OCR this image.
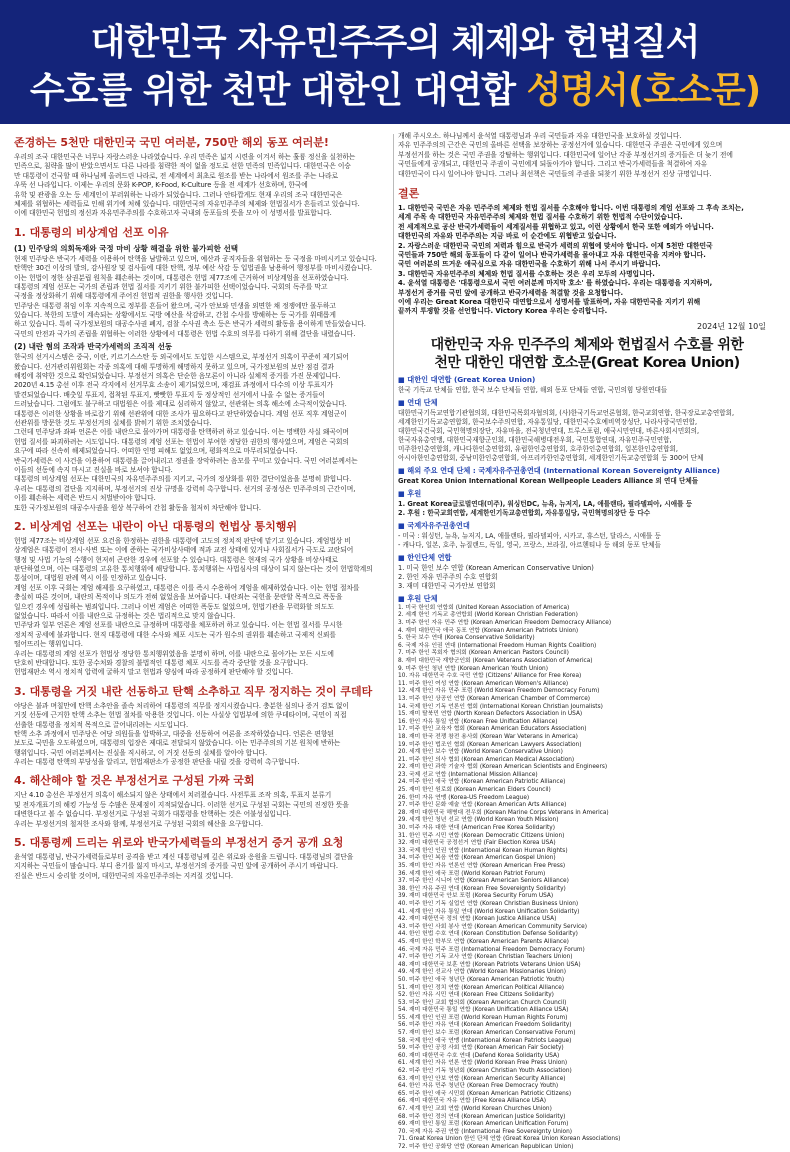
대한민국 자유민주주의 체제와 헌법질서
수호를 위한 천만 대한인 대연합 성명서(호소문)
존경하는 5천만 대한민국 국민 여러분, 750만 해외 동포 여러분!
우리의 조국 대한민국은 너무나 자랑스러운 나라였습니다. 우리 민족은 넓지 시련을 이겨서 하는 훌륭 정신을 실천하는
민족으로, 침략을 많이 받았으면서도 다른 나라를 침략한 적이 없을 정도로 선한 민족의 민족입니다. 대한민국은 이승
만 대통령이 건국할 때 하나님께 올려드린 나라로, 전 세계에서 최초로 원조를 받는 나라에서 원조를 주는 나라로
우뚝 선 나라입니다. 이제는 우리의 문화 K-POP, K-Food, K-Culture 등을 전 세계가 선호하며, 한국에
유학 및 관광을 오는 등 세계인이 부러워하는 나라가 되었습니다. 그러나 안타깝게도 현재 우리의 조국 대한민국은
체제를 위협하는 세력들로 인해 위기에 처해 있습니다. 대한민국의 자유민주주의 체제와 헌법질서가 흔들리고 있습니다.
이에 대한민국 헌법의 정신과 자유민주주의를 수호하고자 국내외 동포들의 뜻을 모아 이 성명서를 발표합니다.
1. 대통령의 비상계엄 선포 이유
(1) 민주당의 의회독재와 국정 마비 상황 해결을 위한 불가피한 선택
현재 민주당은 반국가 세력을 이용하여 탄핵을 남발하고 있으며, 예산과 공직자들을 위협하는 등 국정을 마비시키고 있습니다.
탄핵안 30건 이상의 발의, 감사원장 및 검사들에 대한 탄핵, 정부 예산 삭감 등 입법권을 남용하여 행정부를 마비시켰습니다.
이는 헌법이 정한 삼권분립 원칙을 훼손하는 것이며, 대통령은 헌법 제77조에 근거하여 비상계엄을 선포하였습니다.
대통령의 계엄 선포는 국가의 존립과 헌법 질서를 지키기 위한 불가피한 선택이었습니다. 국회의 독주를 막고
국정을 정상화하기 위해 대통령에게 주어진 헌법적 권한을 행사한 것입니다.
민주당은 대통령 취임 이후 지속적으로 정부를 흔들어 왔으며, 국가 안보와 민생을 외면한 채 정쟁에만 몰두하고
있습니다. 북한의 도발이 계속되는 상황에서도 국방 예산을 삭감하고, 간첩 수사를 방해하는 등 국가를 위태롭게
하고 있습니다. 특히 국가정보원의 대공수사권 폐지, 검찰 수사권 축소 등은 반국가 세력의 활동을 용이하게 만들었습니다.
국민의 안전과 국가의 존립을 위협하는 이러한 상황에서 대통령은 헌법 수호의 의무를 다하기 위해 결단을 내렸습니다.
(2) 내란 혐의 조작과 반국가세력의 조직적 선동
한국의 선거시스템은 중국, 이란, 키르기스스탄 등 외국에서도 도입한 시스템으로, 부정선거 의혹이 꾸준히 제기되어
왔습니다. 선거관리위원회는 각종 의혹에 대해 투명하게 해명하지 못하고 있으며, 국가정보원의 보안 점검 결과
해킹에 취약한 것으로 확인되었습니다. 부정선거 의혹은 단순한 음모론이 아니라 실체적 증거를 가진 문제입니다.
2020년 4.15 총선 이후 전국 각지에서 선거무효 소송이 제기되었으며, 재검표 과정에서 다수의 이상 투표지가
발견되었습니다. 배춧잎 투표지, 접착된 투표지, 빳빳한 투표지 등 정상적인 선거에서 나올 수 없는 증거들이
드러났습니다. 그럼에도 불구하고 대법원은 이를 제대로 심리하지 않았고, 선관위는 의혹 해소에 소극적이었습니다.
대통령은 이러한 상황을 바로잡기 위해 선관위에 대한 조사가 필요하다고 판단하였습니다. 계엄 선포 직후 계엄군이
선관위를 방문한 것도 부정선거의 실체를 밝히기 위한 조치였습니다.
그런데 민주당과 좌파 언론은 이를 내란으로 몰아가며 대통령을 탄핵하려 하고 있습니다. 이는 명백한 사실 왜곡이며
헌법 질서를 파괴하려는 시도입니다. 대통령의 계엄 선포는 헌법이 부여한 정당한 권한의 행사였으며, 계엄은 국회의
요구에 따라 신속히 해제되었습니다. 어떠한 인명 피해도 없었으며, 평화적으로 마무리되었습니다.
반국가세력은 이 사건을 이용하여 대통령을 끌어내리고 정권을 장악하려는 음모를 꾸미고 있습니다. 국민 여러분께서는
이들의 선동에 속지 마시고 진실을 바로 보셔야 합니다.
대통령의 비상계엄 선포는 대한민국의 자유민주주의를 지키고, 국가의 정상화를 위한 결단이었음을 분명히 밝힙니다.
우리는 대통령의 결단을 지지하며, 부정선거의 진상 규명을 강력히 촉구합니다. 선거의 공정성은 민주주의의 근간이며,
이를 훼손하는 세력은 반드시 처벌받아야 합니다.
또한 국가정보원의 대공수사권을 원상 복구하여 간첩 활동을 철저히 차단해야 합니다.
2. 비상계엄 선포는 내란이 아닌 대통령의 헌법상 통치행위
헌법 제77조는 비상계엄 선포 요건을 한정하는 권한을 대통령에 고도의 정치적 판단에 맡기고 있습니다. 계엄법상 비
상계엄은 대통령이 전시·사변 또는 이에 준하는 국가비상사태에 적과 교전 상태에 있거나 사회질서가 극도로 교란되어
행정 및 사법 기능의 수행이 현저히 곤란한 경우에 선포할 수 있습니다. 대통령은 현재의 국가 상황을 비상사태로
판단하였으며, 이는 대통령의 고유한 통치행위에 해당합니다. 통치행위는 사법심사의 대상이 되지 않는다는 것이 헌법학계의
통설이며, 대법원 판례 역시 이를 인정하고 있습니다.
계엄 선포 이후 국회는 계엄 해제를 요구하였고, 대통령은 이를 즉시 수용하여 계엄을 해제하였습니다. 이는 헌법 절차를
충실히 따른 것이며, 내란의 목적이나 의도가 전혀 없었음을 보여줍니다. 내란죄는 국헌을 문란할 목적으로 폭동을
일으킨 경우에 성립하는 범죄입니다. 그러나 이번 계엄은 어떠한 폭동도 없었으며, 헌법기관을 무력화할 의도도
없었습니다. 따라서 이를 내란으로 규정하는 것은 법리적으로 맞지 않습니다.
민주당과 일부 언론은 계엄 선포를 내란으로 규정하며 대통령을 체포하려 하고 있습니다. 이는 헌법 질서를 무시한
정치적 공세에 불과합니다. 현직 대통령에 대한 수사와 체포 시도는 국가 원수의 권위를 훼손하고 국제적 신뢰를
떨어뜨리는 행위입니다.
우리는 대통령의 계엄 선포가 헌법상 정당한 통치행위였음을 분명히 하며, 이를 내란으로 몰아가는 모든 시도에
단호히 반대합니다. 또한 공수처와 경찰의 불법적인 대통령 체포 시도를 즉각 중단할 것을 요구합니다.
헌법재판소 역시 정치적 압력에 굴하지 말고 헌법과 양심에 따라 공정하게 판단해야 할 것입니다.
3. 대통령을 거짓 내란 선동하고 탄핵 소추하고 직무 정지하는 것이 쿠데타
야당은 불과 며칠만에 탄핵 소추안을 졸속 처리하여 대통령의 직무를 정지시켰습니다. 충분한 심의나 증거 검토 없이
거짓 선동에 근거한 탄핵 소추는 헌법 절차를 악용한 것입니다. 이는 사실상 입법부에 의한 쿠데타이며, 국민이 직접
선출한 대통령을 정치적 목적으로 끌어내리려는 시도입니다.
탄핵 소추 과정에서 민주당은 여당 의원들을 압박하고, 대중을 선동하여 여론을 조작하였습니다. 언론은 편향된
보도로 국민을 오도하였으며, 대통령의 입장은 제대로 전달되지 않았습니다. 이는 민주주의의 기본 원칙에 반하는
행위입니다. 국민 여러분께서는 진실을 직시하고, 이 거짓 선동의 실체를 알아야 합니다.
우리는 대통령 탄핵의 부당성을 알리고, 헌법재판소가 공정한 판단을 내릴 것을 강력히 촉구합니다.
4. 해산해야 할 것은 부정선거로 구성된 가짜 국회
지난 4.10 총선은 부정선거 의혹이 해소되지 않은 상태에서 치러졌습니다. 사전투표 조작 의혹, 투표지 분류기
및 전자개표기의 해킹 가능성 등 수많은 문제점이 지적되었습니다. 이러한 선거로 구성된 국회는 국민의 진정한 뜻을
대변한다고 볼 수 없습니다. 부정선거로 구성된 국회가 대통령을 탄핵하는 것은 어불성설입니다.
우리는 부정선거의 철저한 조사와 함께, 부정선거로 구성된 국회의 해산을 요구합니다.
5. 대통령께 드리는 위로와 반국가세력들의 부정선거 증거 공개 요청
윤석열 대통령님, 반국가세력들로부터 공격을 받고 계신 대통령님께 깊은 위로와 응원을 드립니다. 대통령님의 결단을
지지하는 국민들이 많습니다. 부디 용기를 잃지 마시고, 부정선거의 증거를 국민 앞에 공개하여 주시기 바랍니다.
진실은 반드시 승리할 것이며, 대한민국의 자유민주주의는 지켜질 것입니다.
개해 주시오소. 하나님께서 윤석열 대통령님과 우리 국민들과 자유 대한민국을 보호하실 것입니다.
자유 민주주의의 근간은 국민의 올바른 선택을 보장하는 공정선거에 있습니다. 대한민국 주권은 국민에게 있으며
부정선거를 하는 것은 국민 주권을 강탈하는 행위입니다. 대한민국에 일어난 각종 부정선거의 증거들은 더 늦기 전에
국민들에게 공개되고, 대한민국 주권이 국민에게 되돌아가야 합니다. 그리고 반국가세력들을 척결하여 자유
대한민국이 다시 일어나야 합니다. 그러나 최선책은 국민들의 주권을 되찾기 위한 부정선거 진상 규명입니다.
결론
1. 대한민국 국민은 자유 민주주의 체제와 헌법 질서를 수호해야 합니다. 이번 대통령의 계엄 선포와 그 후속 조치는,
세계 주목 속 대한민국 자유민주주의 체제와 헌법 질서를 수호하기 위한 헌법적 수단이었습니다.
전 세계적으로 공산 반국가세력들이 세계질서를 위협하고 있고, 이런 상황에서 한국 또한 예외가 아닙니다.
대한민국의 자유와 민주주의는 지금 바로 이 순간에도 위협받고 있습니다.
2. 자랑스러운 대한민국 국민의 저력과 힘으로 반국가 세력의 위협에 맞서야 합니다. 이제 5천만 대한민국
국민들과 750만 해외 동포들이 다 같이 일어나 반국가세력을 몰아내고 자유 대한민국을 지켜야 합니다.
국민 여러분의 뜨거운 애국심으로 자유 대한민국을 수호하기 위해 나서 주시기 바랍니다.
3. 대한민국 자유민주주의 체제와 헌법 질서를 수호하는 것은 우리 모두의 사명입니다.
4. 윤석열 대통령은 '대통령으로서 국민 여러분께 마지막 호소' 를 하였습니다. 우리는 대통령을 지지하며,
부정선거 증거를 국민 앞에 공개하고 반국가세력을 척결할 것을 요청합니다.
이에 우리는 Great Korea 대한민국 대연합으로서 성명서를 발표하며, 자유 대한민국을 지키기 위해
끝까지 투쟁할 것을 선언합니다. Victory Korea 우리는 승리합니다.
2024년 12월 10일
대한민국 자유 민주주의 체제와 헌법질서 수호를 위한
천만 대한인 대연합 호소문(Great Korea Union)
■ 대한인 대연합 (Great Korea Union)
한국 기독교 단체들 연합, 한국 보수 단체들 연합, 해외 동포 단체들 연합, 국민의힘 당원연대들
■ 연대 단체
대한민국기독교연합기관협의회, 대한민국목회자협의회, (사)한국기독교언론협회, 한국교회연합, 한국장로교총연합회,
세계한인기독교총연합회, 한국보수주의연합, 자유통일당, 대한민국수호예비역장성단, 나라사랑국민연합,
대한민국건국회, 국민혁명의장단, 자유마을, 전국청년연대, 트루스포럼, 애국시민연대, 바른사회시민회의,
한국자유총연맹, 대한민국재향군인회, 대한민국해병대전우회, 국민통합연대, 자유민주국민연합,
미주한인총연합회, 캐나다한인총연합회, 유럽한인총연합회, 호주한인총연합회, 일본한인총연합회,
아시아한인총연합회, 중남미한인총연합회, 아프리카한인총연합회, 세계한인기독교총연합회 등 300여 단체
■ 해외 주요 연대 단체 : 국제자유주권총연대 (International Korean Sovereignty Alliance)
Great Korea Union International Korean Wellpeople Leaders Alliance 외 연대 단체들
■ 후원
1. Great Korea글로벌연대(미주), 워싱턴DC, 뉴욕, 뉴저지, LA, 애틀랜타, 필라델피아, 시애틀 등
2. 후원 : 한국교회연합, 세계한인기독교총연합회, 자유통일당, 국민혁명의장단 등 다수
■ 국제자유주권총연대
- 미국 : 워싱턴, 뉴욕, 뉴저지, LA, 애틀랜타, 필라델피아, 시카고, 휴스턴, 달라스, 시애틀 등
- 캐나다, 일본, 호주, 뉴질랜드, 독일, 영국, 프랑스, 브라질, 아르헨티나 등 해외 동포 단체들
■ 한인단체 연합
1. 미국 한인 보수 연합 (Korean American Conservative Union)
2. 한인 자유 민주주의 수호 연합회
3. 재미 대한민국 국가안보 연합회
■ 후원 단체
1. 미국 한인회 연합회 (United Korean Association of America)
2. 세계 한인 기독교 총연합회 (World Korean Christian Federation)
3. 미주 한인 자유 민주 연합 (Korean American Freedom Democracy Alliance)
4. 재미 대한민국 애국 동포 연합 (Korean American Patriots Union)
5. 한국 보수 연대 (Korea Conservative Solidarity)
6. 국제 자유 인권 연대 (International Freedom Human Rights Coalition)
7. 미주 한인 목회자 협의회 (Korean American Pastors Council)
8. 재미 대한민국 재향군인회 (Korean Veterans Association of America)
9. 미주 한인 청년 연합 (Korean American Youth Union)
10. 자유 대한민국 수호 국민 연합 (Citizens' Alliance for Free Korea)
11. 미주 한인 여성 연합 (Korean American Women's Alliance)
12. 세계 한인 자유 민주 포럼 (World Korean Freedom Democracy Forum)
13. 미주 한인 상공인 연합 (Korean American Chamber of Commerce)
14. 국제 한인 기독 언론인 협회 (International Korean Christian Journalists)
15. 재미 탈북민 연합 (North Korean Defectors Association in USA)
16. 한인 자유 통일 연합 (Korean Free Unification Alliance)
17. 미주 한인 교육자 협회 (Korean American Educators Association)
18. 재미 한국 전쟁 참전 용사회 (Korean War Veterans in America)
19. 미주 한인 법조인 협회 (Korean American Lawyers Association)
20. 세계 한인 보수 연합 (World Korean Conservative Union)
21. 미주 한인 의사 협회 (Korean American Medical Association)
22. 재미 한인 과학 기술자 협회 (Korean American Scientists and Engineers)
23. 국제 선교 연합 (International Mission Alliance)
24. 미주 한인 애국 연합 (Korean American Patriotic Alliance)
25. 재미 한인 원로회 (Korean American Elders Council)
26. 한미 자유 연맹 (Korea-US Freedom League)
27. 미주 한인 문화 예술 연합 (Korean American Arts Alliance)
28. 재미 대한민국 해병대 전우회 (Korean Marine Corps Veterans in America)
29. 세계 한인 청년 선교 연합 (World Korean Youth Mission)
30. 미주 자유 대한 연대 (American Free Korea Solidarity)
31. 한인 민주 시민 연합 (Korean Democratic Citizens Union)
32. 재미 대한민국 공정선거 연합 (Fair Election Korea USA)
33. 국제 한인 인권 연합 (International Korean Human Rights)
34. 미주 한인 복음 연합 (Korean American Gospel Union)
35. 재미 한인 자유 언론인 연합 (Korean American Free Press)
36. 세계 한인 애국 포럼 (World Korean Patriot Forum)
37. 미주 한인 시니어 연합 (Korean American Seniors Alliance)
38. 한인 자유 주권 연대 (Korean Free Sovereignty Solidarity)
39. 재미 대한민국 안보 포럼 (Korea Security Forum USA)
40. 미주 한인 기독 실업인 연합 (Korean Christian Business Union)
41. 세계 한인 자유 통일 연대 (World Korean Unification Solidarity)
42. 재미 대한민국 정의 연합 (Korean Justice Alliance USA)
43. 미주 한인 사회 봉사 연합 (Korean American Community Service)
44. 한인 헌법 수호 연대 (Korean Constitution Defense Solidarity)
45. 재미 한인 학부모 연합 (Korean American Parents Alliance)
46. 국제 자유 민주 포럼 (International Freedom Democracy Forum)
47. 미주 한인 기독 교사 연합 (Korean Christian Teachers Union)
48. 재미 대한민국 보훈 연합 (Korean Patriots Veterans Union USA)
49. 세계 한인 선교사 연합 (World Korean Missionaries Union)
50. 미주 한인 애국 청년단 (Korean American Patriotic Youth)
51. 재미 한인 정치 연합 (Korean American Political Alliance)
52. 한인 자유 시민 연대 (Korean Free Citizens Solidarity)
53. 미주 한인 교회 협의회 (Korean American Church Council)
54. 재미 대한민국 통일 연합 (Korean Unification Alliance USA)
55. 세계 한인 인권 포럼 (World Korean Human Rights Forum)
56. 미주 한인 자유 연대 (Korean American Freedom Solidarity)
57. 재미 한인 보수 포럼 (Korean American Conservative Forum)
58. 국제 한인 애국 연맹 (International Korean Patriots League)
59. 미주 한인 공정 사회 연합 (Korean American Fair Society)
60. 재미 대한민국 수호 연대 (Defend Korea Solidarity USA)
61. 세계 한인 자유 언론 연합 (World Korean Free Press Union)
62. 미주 한인 기독 청년회 (Korean Christian Youth Association)
63. 재미 한인 안보 연합 (Korean American Security Alliance)
64. 한인 자유 민주 청년단 (Korean Free Democracy Youth)
65. 미주 한인 애국 시민회 (Korean American Patriotic Citizens)
66. 재미 대한민국 자유 연합 (Free Korea Alliance USA)
67. 세계 한인 교회 연합 (World Korean Churches Union)
68. 미주 한인 정의 연대 (Korean American Justice Solidarity)
69. 재미 한인 통일 포럼 (Korean American Unification Forum)
70. 국제 자유 주권 연합 (International Free Sovereignty Union)
71. Great Korea Union 한인 단체 연합 (Great Korea Union Korean Associations)
72. 미주 한인 공화당 연합 (Korean American Republican Union)
